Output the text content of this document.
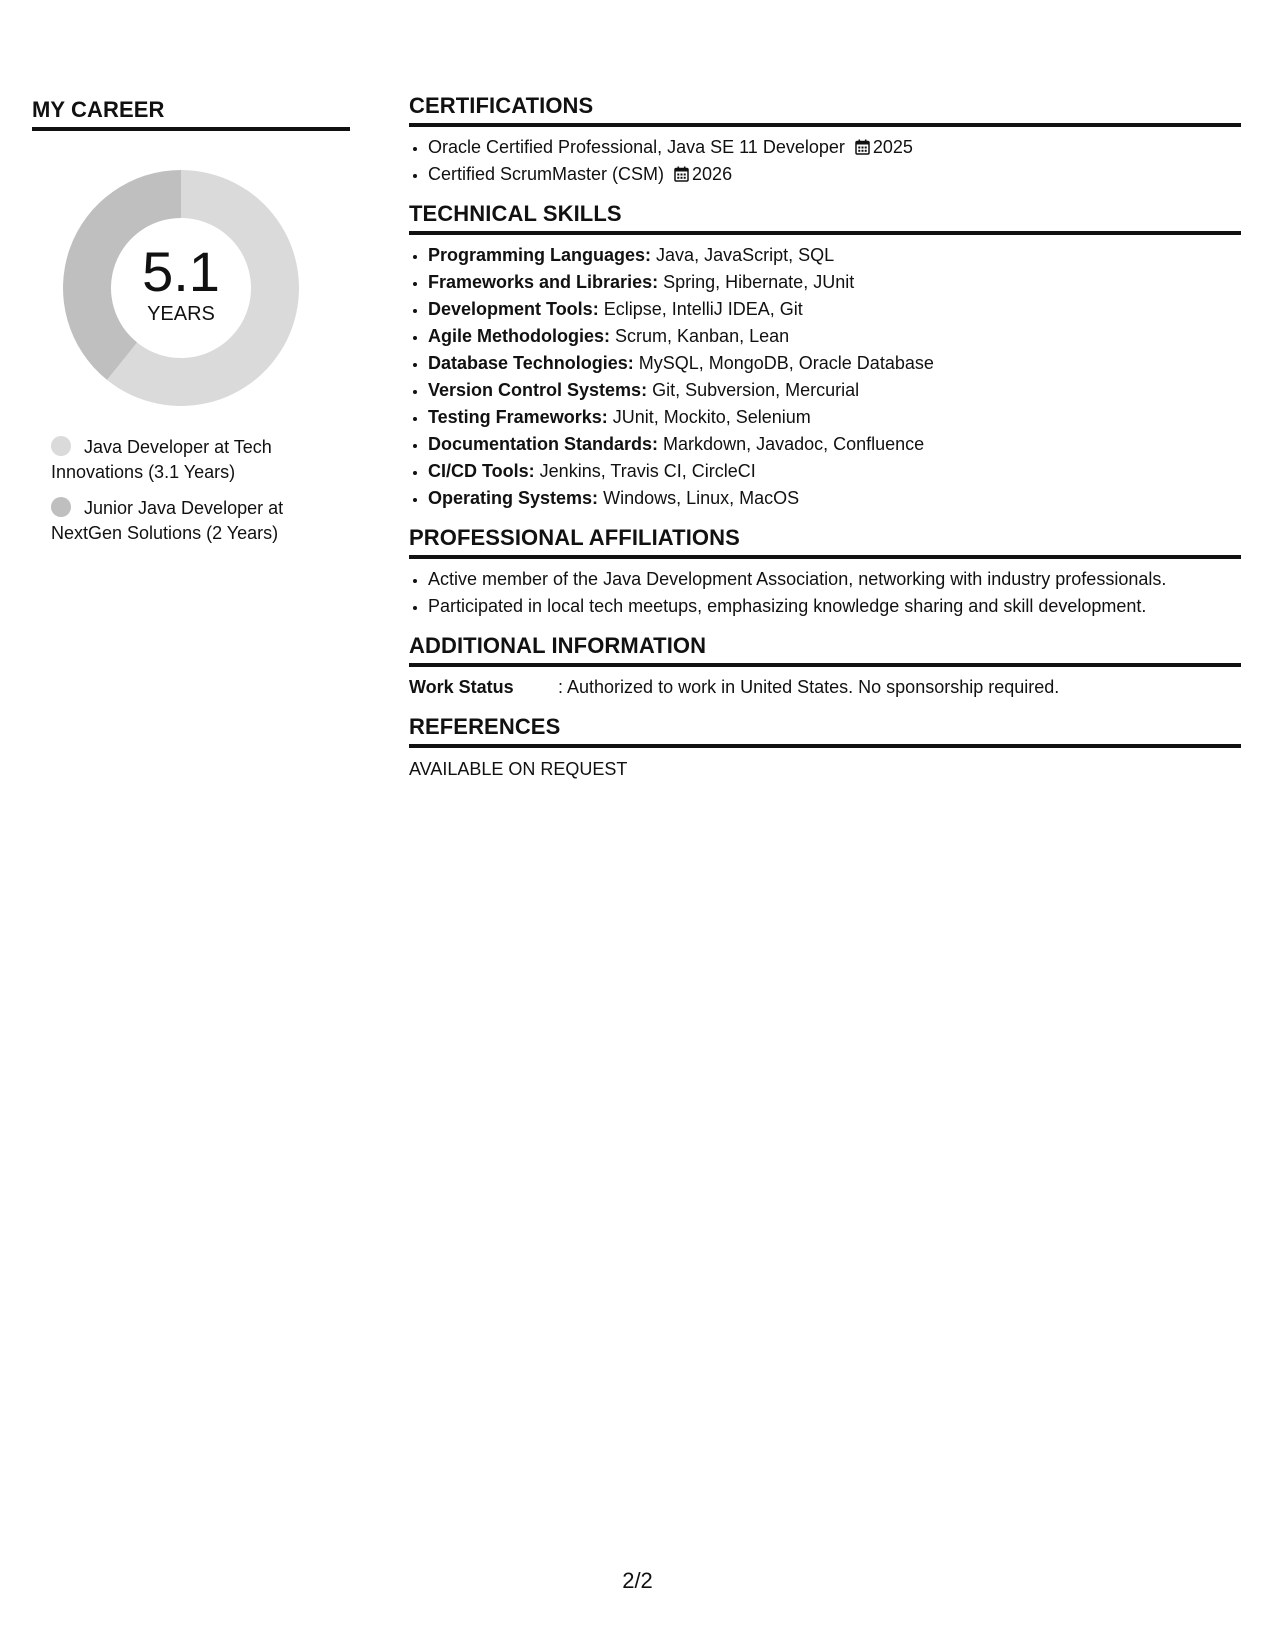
MY CAREER
5.1
YEARS
Java Developer at Tech Innovations (3.1 Years)
Junior Java Developer at NextGen Solutions (2 Years)
CERTIFICATIONS
• Oracle Certified Professional, Java SE 11 Developer 2025
• Certified ScrumMaster (CSM) 2026
TECHNICAL SKILLS
• Programming Languages: Java, JavaScript, SQL
• Frameworks and Libraries: Spring, Hibernate, JUnit
• Development Tools: Eclipse, IntelliJ IDEA, Git
• Agile Methodologies: Scrum, Kanban, Lean
• Database Technologies: MySQL, MongoDB, Oracle Database
• Version Control Systems: Git, Subversion, Mercurial
• Testing Frameworks: JUnit, Mockito, Selenium
• Documentation Standards: Markdown, Javadoc, Confluence
• CI/CD Tools: Jenkins, Travis CI, CircleCI
• Operating Systems: Windows, Linux, MacOS
PROFESSIONAL AFFILIATIONS
• Active member of the Java Development Association, networking with industry professionals.
• Participated in local tech meetups, emphasizing knowledge sharing and skill development.
ADDITIONAL INFORMATION
Work Status	: Authorized to work in United States. No sponsorship required.
REFERENCES
AVAILABLE ON REQUEST
2/2
